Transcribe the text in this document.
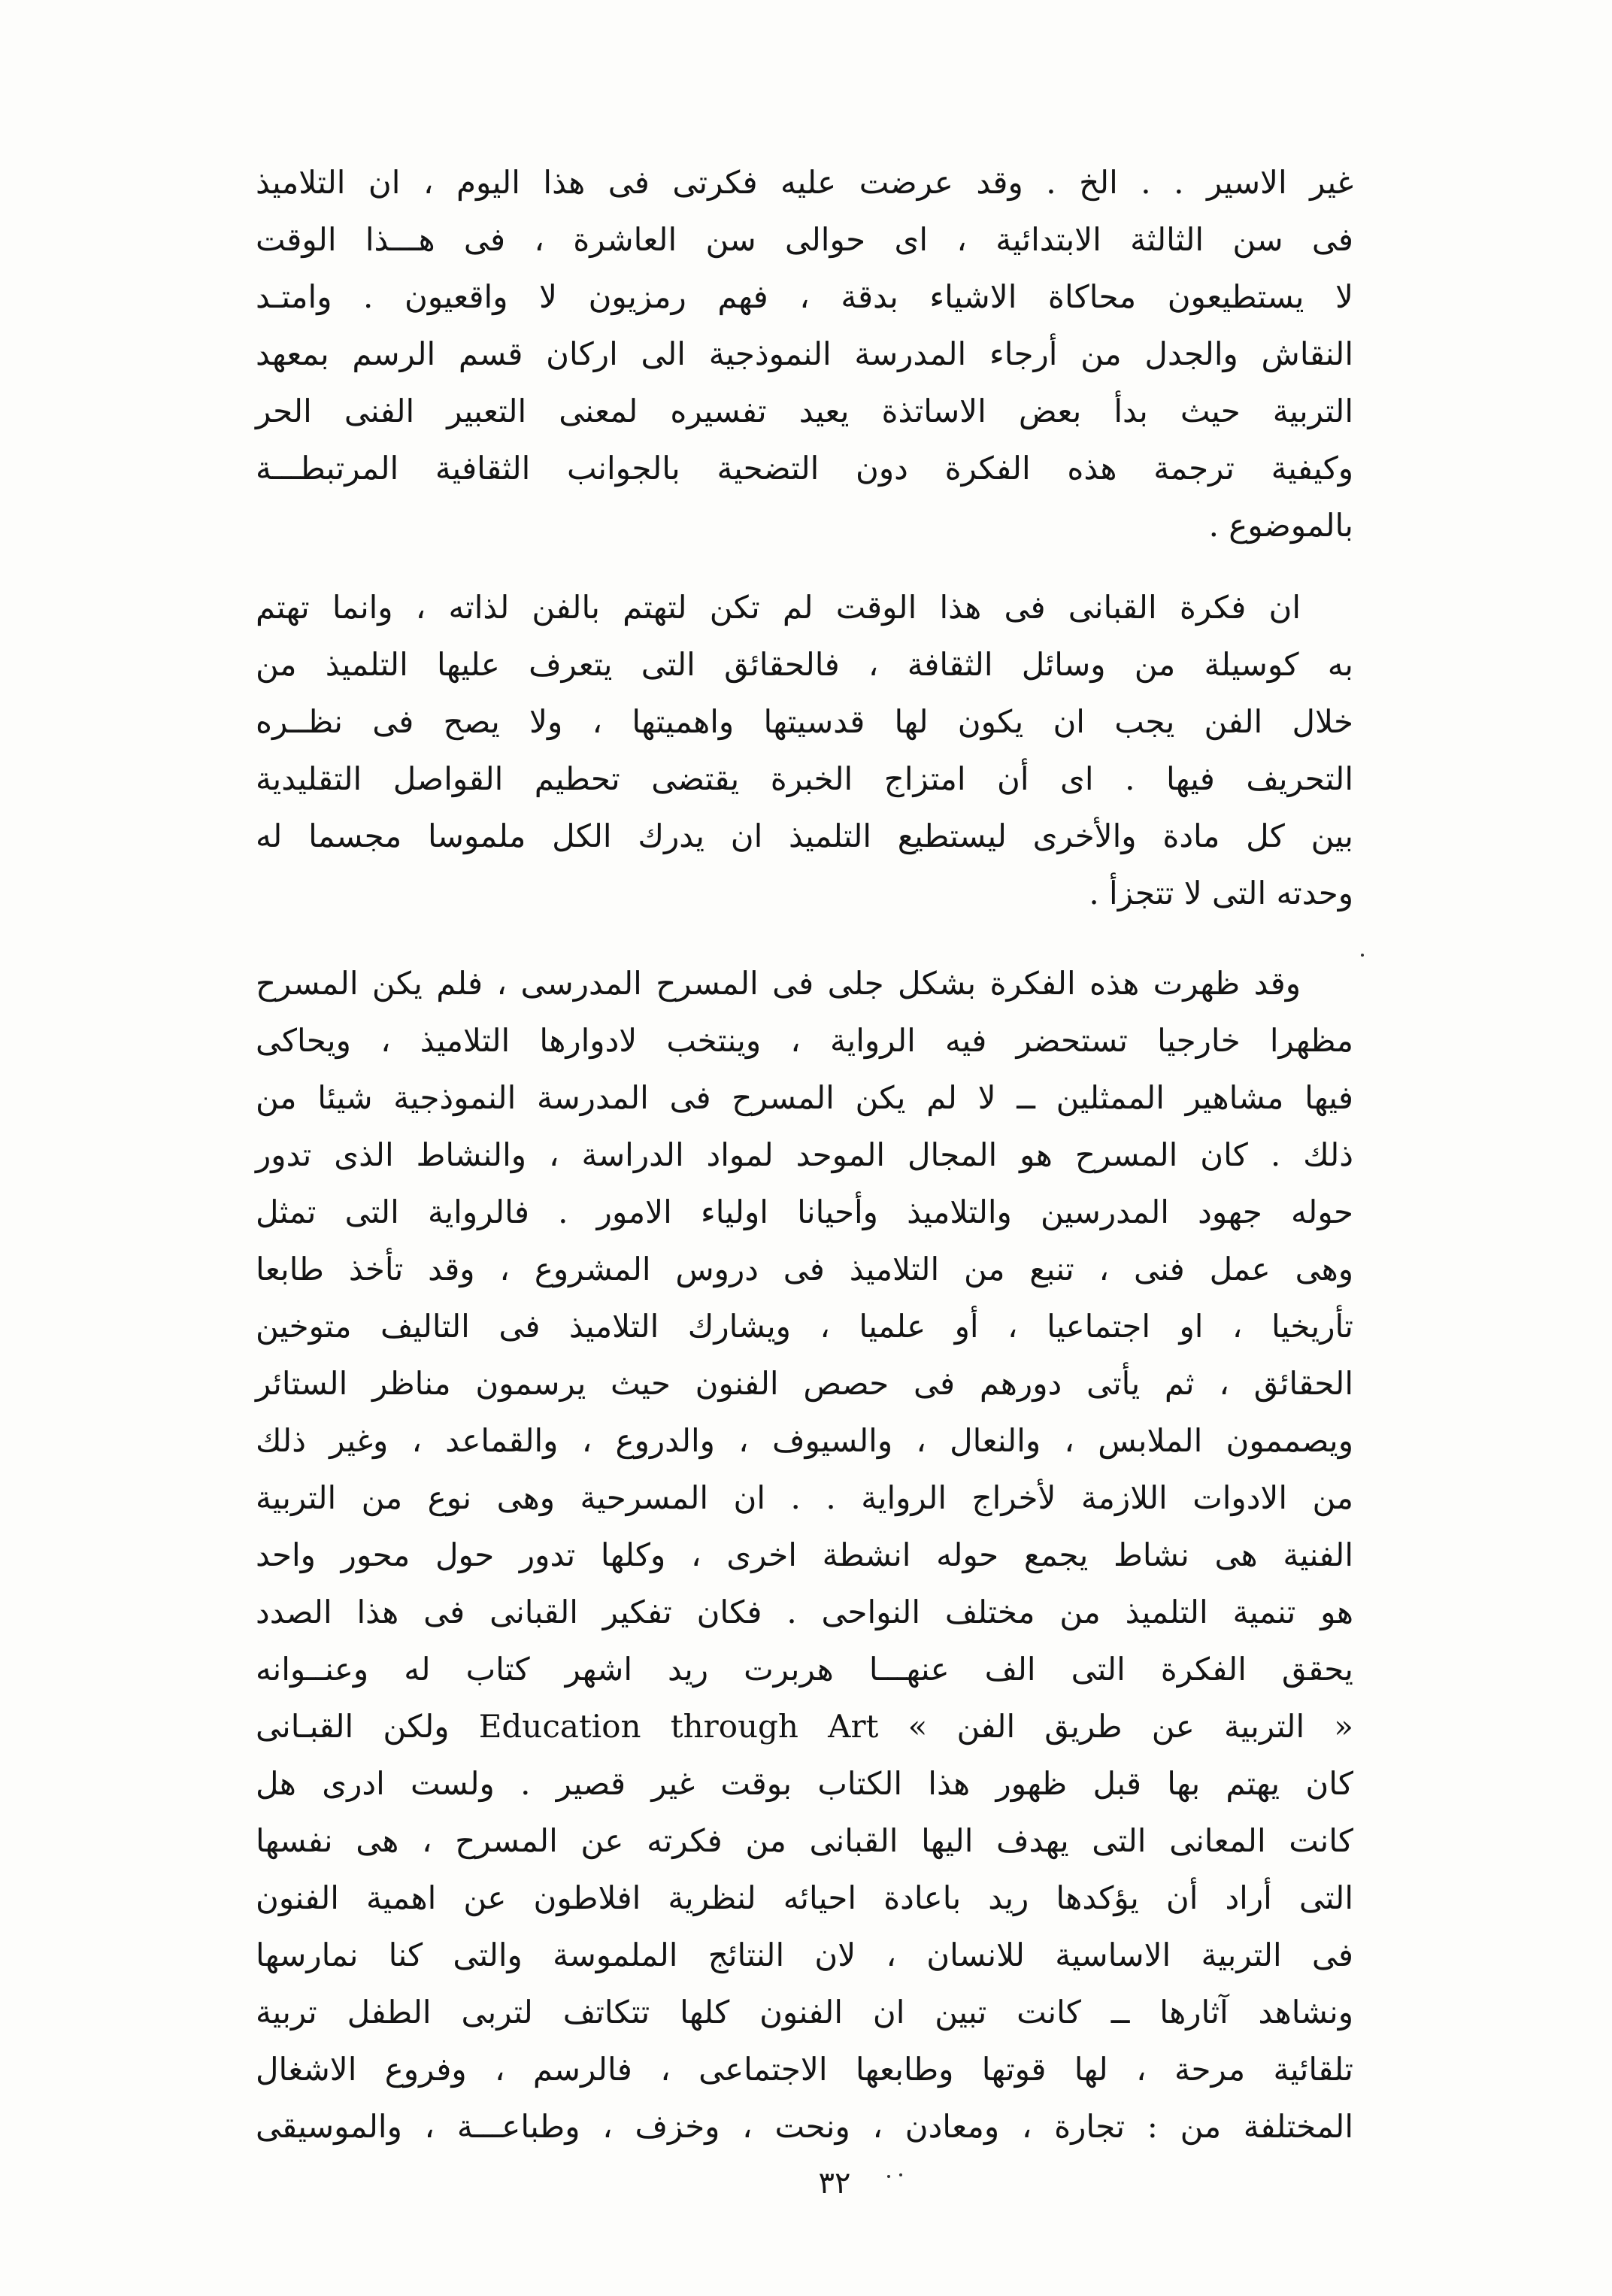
غير الاسير . . الخ . وقد عرضت عليه فكرتى فى هذا اليوم ، ان التلاميذ
فى سن الثالثة الابتدائية ، اى حوالى سن العاشرة ، فى هـــذا الوقت
لا يستطيعون محاكاة الاشياء بدقة ، فهم رمزيون لا واقعيون . وامتـد
النقاش والجدل من أرجاء المدرسة النموذجية الى اركان قسم الرسم بمعهد
التربية حيث بدأ بعض الاساتذة يعيد تفسيره لمعنى التعبير الفنى الحر
وكيفية ترجمة هذه الفكرة دون التضحية بالجوانب الثقافية المرتبطـــة
بالموضوع .
ان فكرة القبانى فى هذا الوقت لم تكن لتهتم بالفن لذاته ، وانما تهتم
به كوسيلة من وسائل الثقافة ، فالحقائق التى يتعرف عليها التلميذ من
خلال الفن يجب ان يكون لها قدسيتها واهميتها ، ولا يصح فى نظــره
التحريف فيها . اى أن امتزاج الخبرة يقتضى تحطيم القواصل التقليدية
بين كل مادة والأخرى ليستطيع التلميذ ان يدرك الكل ملموسا مجسما له
وحدته التى لا تتجزأ .
وقد ظهرت هذه الفكرة بشكل جلى فى المسرح المدرسى ، فلم يكن المسرح
مظهرا خارجيا تستحضر فيه الرواية ، وينتخب لادوارها التلاميذ ، ويحاكى
فيها مشاهير الممثلين ــ لا لم يكن المسرح فى المدرسة النموذجية شيئا من
ذلك . كان المسرح هو المجال الموحد لمواد الدراسة ، والنشاط الذى تدور
حوله جهود المدرسين والتلاميذ وأحيانا اولياء الامور . فالرواية التى تمثل
وهى عمل فنى ، تنبع من التلاميذ فى دروس المشروع ، وقد تأخذ طابعا
تأريخيا ، او اجتماعيا ، أو علميا ، ويشارك التلاميذ فى التاليف متوخين
الحقائق ، ثم يأتى دورهم فى حصص الفنون حيث يرسمون مناظر الستائر
ويصممون الملابس ، والنعال ، والسيوف ، والدروع ، والقماعد ، وغير ذلك
من الادوات اللازمة لأخراج الرواية . . ان المسرحية وهى نوع من التربية
الفنية هى نشاط يجمع حوله انشطة اخرى ، وكلها تدور حول محور واحد
هو تنمية التلميذ من مختلف النواحى . فكان تفكير القبانى فى هذا الصدد
يحقق الفكرة التى الف عنهـــا هربرت ريد اشهر كتاب له وعنــوانه
« التربية عن طريق الفن » Education through Art ولكن القبـانى
كان يهتم بها قبل ظهور هذا الكتاب بوقت غير قصير . ولست ادرى هل
كانت المعانى التى يهدف اليها القبانى من فكرته عن المسرح ، هى نفسها
التى أراد أن يؤكدها ريد باعادة احيائه لنظرية افلاطون عن اهمية الفنون
فى التربية الاساسية للانسان ، لان النتائج الملموسة والتى كنا نمارسها
ونشاهد آثارها ــ كانت تبين ان الفنون كلها تتكاتف لتربى الطفل تربية
تلقائية مرحة ، لها قوتها وطابعها الاجتماعى ، فالرسم ، وفروع الاشغال
المختلفة من : تجارة ، ومعادن ، ونحت ، وخزف ، وطباعـــة ، والموسيقى
٣٢
